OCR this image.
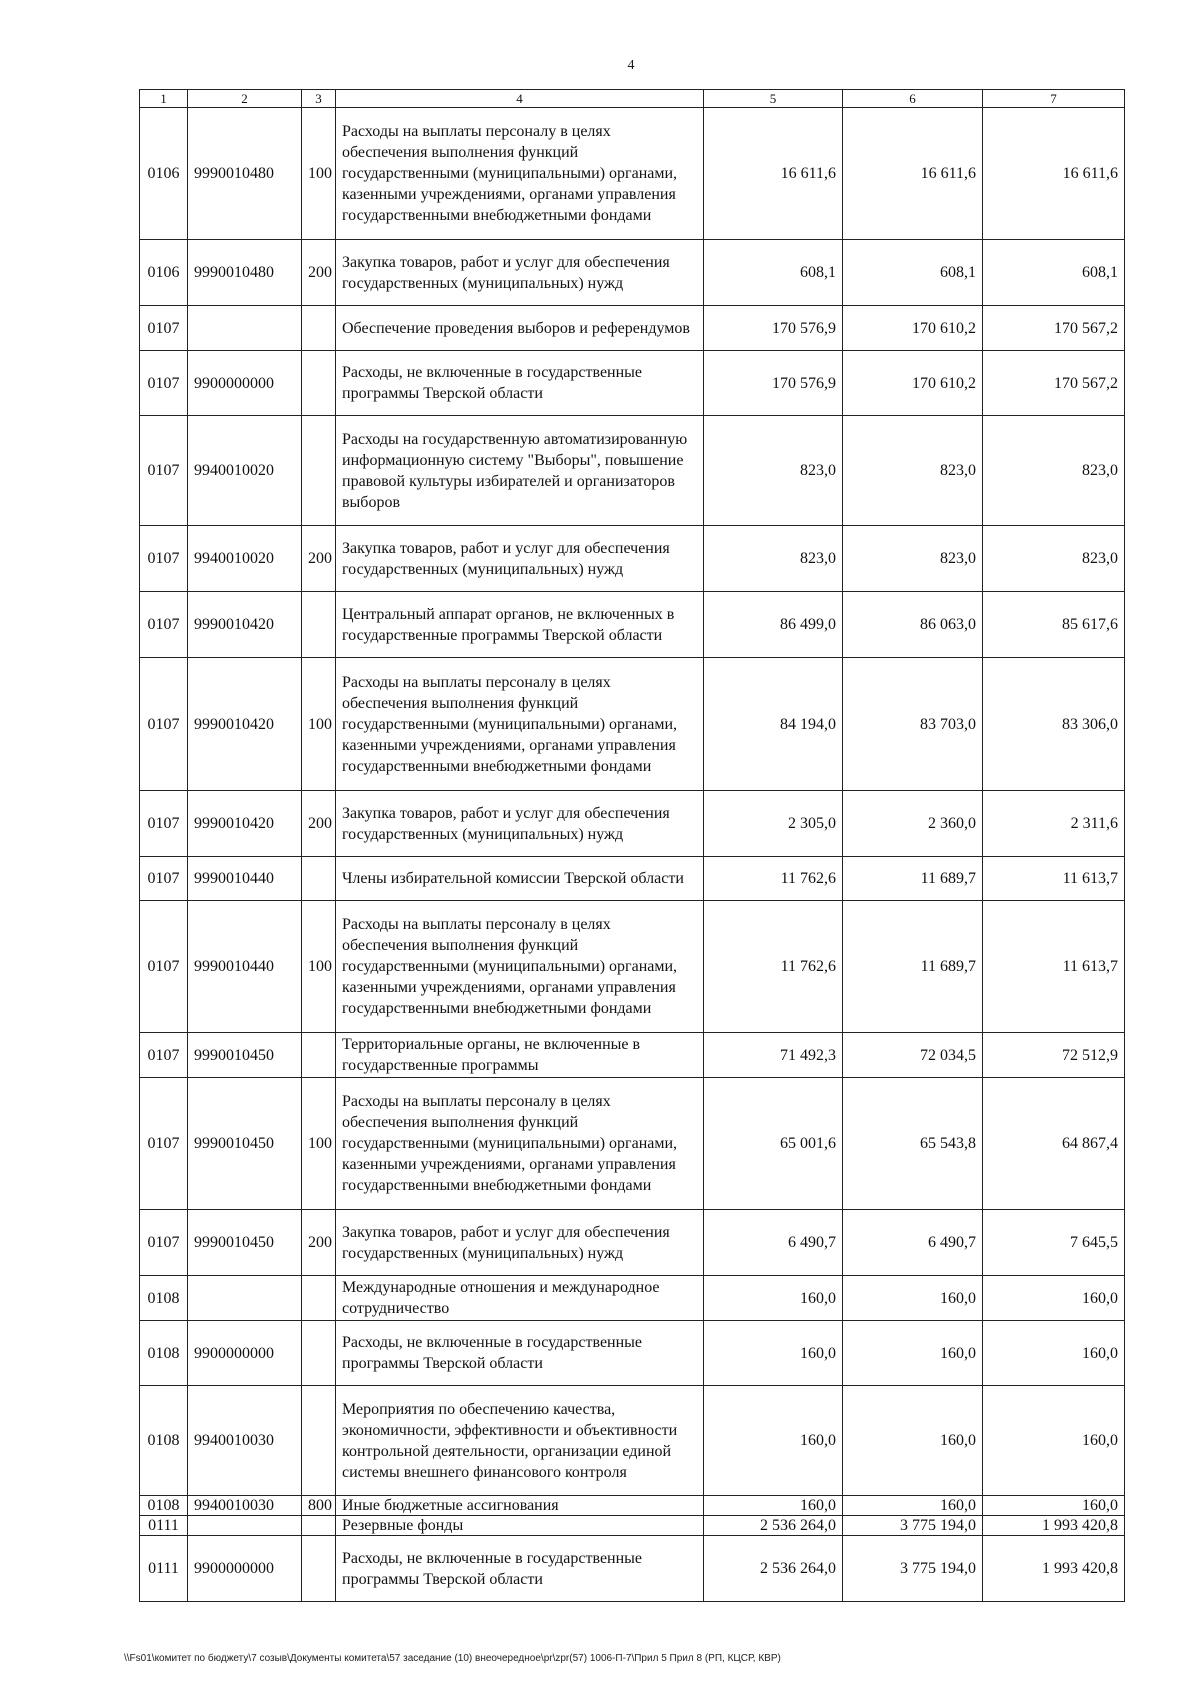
4
1	2	3	4	5	6	7
0106	9990010480	100	Расходы на выплаты персоналу в целях обеспечения выполнения функций государственными (муниципальными) органами, казенными учреждениями, органами управления государственными внебюджетными фондами	16 611,6	16 611,6	16 611,6
0106	9990010480	200	Закупка товаров, работ и услуг для обеспечения государственных (муниципальных) нужд	608,1	608,1	608,1
0107			Обеспечение проведения выборов и референдумов	170 576,9	170 610,2	170 567,2
0107	9900000000		Расходы, не включенные в государственные программы Тверской области	170 576,9	170 610,2	170 567,2
0107	9940010020		Расходы на государственную автоматизированную информационную систему "Выборы", повышение правовой культуры избирателей и организаторов выборов	823,0	823,0	823,0
0107	9940010020	200	Закупка товаров, работ и услуг для обеспечения государственных (муниципальных) нужд	823,0	823,0	823,0
0107	9990010420		Центральный аппарат органов, не включенных в государственные программы Тверской области	86 499,0	86 063,0	85 617,6
0107	9990010420	100	Расходы на выплаты персоналу в целях обеспечения выполнения функций государственными (муниципальными) органами, казенными учреждениями, органами управления государственными внебюджетными фондами	84 194,0	83 703,0	83 306,0
0107	9990010420	200	Закупка товаров, работ и услуг для обеспечения государственных (муниципальных) нужд	2 305,0	2 360,0	2 311,6
0107	9990010440		Члены избирательной комиссии Тверской области	11 762,6	11 689,7	11 613,7
0107	9990010440	100	Расходы на выплаты персоналу в целях обеспечения выполнения функций государственными (муниципальными) органами, казенными учреждениями, органами управления государственными внебюджетными фондами	11 762,6	11 689,7	11 613,7
0107	9990010450		Территориальные органы, не включенные в государственные программы	71 492,3	72 034,5	72 512,9
0107	9990010450	100	Расходы на выплаты персоналу в целях обеспечения выполнения функций государственными (муниципальными) органами, казенными учреждениями, органами управления государственными внебюджетными фондами	65 001,6	65 543,8	64 867,4
0107	9990010450	200	Закупка товаров, работ и услуг для обеспечения государственных (муниципальных) нужд	6 490,7	6 490,7	7 645,5
0108			Международные отношения и международное сотрудничество	160,0	160,0	160,0
0108	9900000000		Расходы, не включенные в государственные программы Тверской области	160,0	160,0	160,0
0108	9940010030		Мероприятия по обеспечению качества, экономичности, эффективности и объективности контрольной деятельности, организации единой системы внешнего финансового контроля	160,0	160,0	160,0
0108	9940010030	800	Иные бюджетные ассигнования	160,0	160,0	160,0
0111			Резервные фонды	2 536 264,0	3 775 194,0	1 993 420,8
0111	9900000000		Расходы, не включенные в государственные программы Тверской области	2 536 264,0	3 775 194,0	1 993 420,8
\\Fs01\комитет по бюджету\7 созыв\Документы комитета\57 заседание (10) внеочередное\pr\zpr(57) 1006-П-7\Прил 5 Прил 8 (РП, КЦСР, КВР)
